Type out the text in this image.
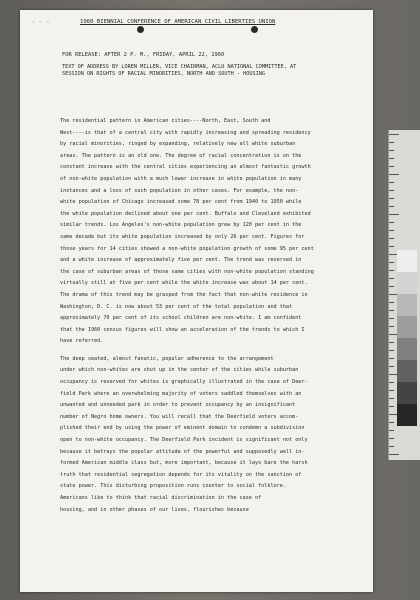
▭ ▭ ▭	1960 BIENNIAL CONFERENCE OF AMERICAN CIVIL LIBERTIES UNION
FOR RELEASE: AFTER 2 P. M., FRIDAY, APRIL 22, 1960
TEXT OF ADDRESS BY LOREN MILLER, VICE CHAIRMAN, ACLU NATIONAL COMMITTEE, AT
SESSION ON RIGHTS OF RACIAL MINORITIES, NORTH AND SOUTH - HOUSING
The residential pattern in American cities----North, East, South and
West----is that of a central city with rapidly increasing and spreading residency
by racial minorities, ringed by expanding, relatively new all white suburban
areas. The pattern is an old one. The degree of racial concentration is on the
constant increase with the central cities experiencing an almost fantastic growth
of non-white population with a much lower increase in white population in many
instances and a loss of such population in other cases. For example, the non-
white population of Chicago increased some 78 per cent from 1940 to 1950 while
the white population declined about one per cent. Buffalo and Cleveland exhibited
similar trends. Los Angeles's non-white population grew by 120 per cent in the
same decade but its white population increased by only 26 per cent. Figures for
those years for 14 cities showed a non-white population growth of some 95 per cent
and a white increase of approximately five per cent. The trend was reversed in
the case of suburban areas of those same cities with non-white population standing
virtually still at five per cent while the white increase was about 14 per cent.
The drama of this trend may be grasped from the fact that non-white residence in
Washington, D. C. is now about 53 per cent of the total population and that
approximately 70 per cent of its school children are non-white. I am confident
that the 1960 census figures will show an acceleration of the trends to which I
have referred.
The deep seated, almost fanatic, popular adherence to the arrangement
under which non-whites are shut up in the center of the cities while suburban
occupancy is reserved for whites is graphically illustrated in the case of Deer-
field Park where an overwhelming majority of voters saddled themselves with an
unwanted and unneeded park in order to prevent occupancy by an insignificant
number of Negro home owners. You will recall that the Deerfield voters accom-
plished their end by using the power of eminent domain to condemn a subdivision
open to non-white occupancy. The Deerfield Park incident is significant not only
because it betrays the popular attitude of the powerful and supposedly well in-
formed American middle class but, more important, because it lays bare the harsh
truth that residential segregation depends for its vitality on the sanction of
state power. This disturbing proposition runs counter to social folklore.
Americans like to think that racial discrimination in the case of
housing, and in other phases of our lives, flourishes because
